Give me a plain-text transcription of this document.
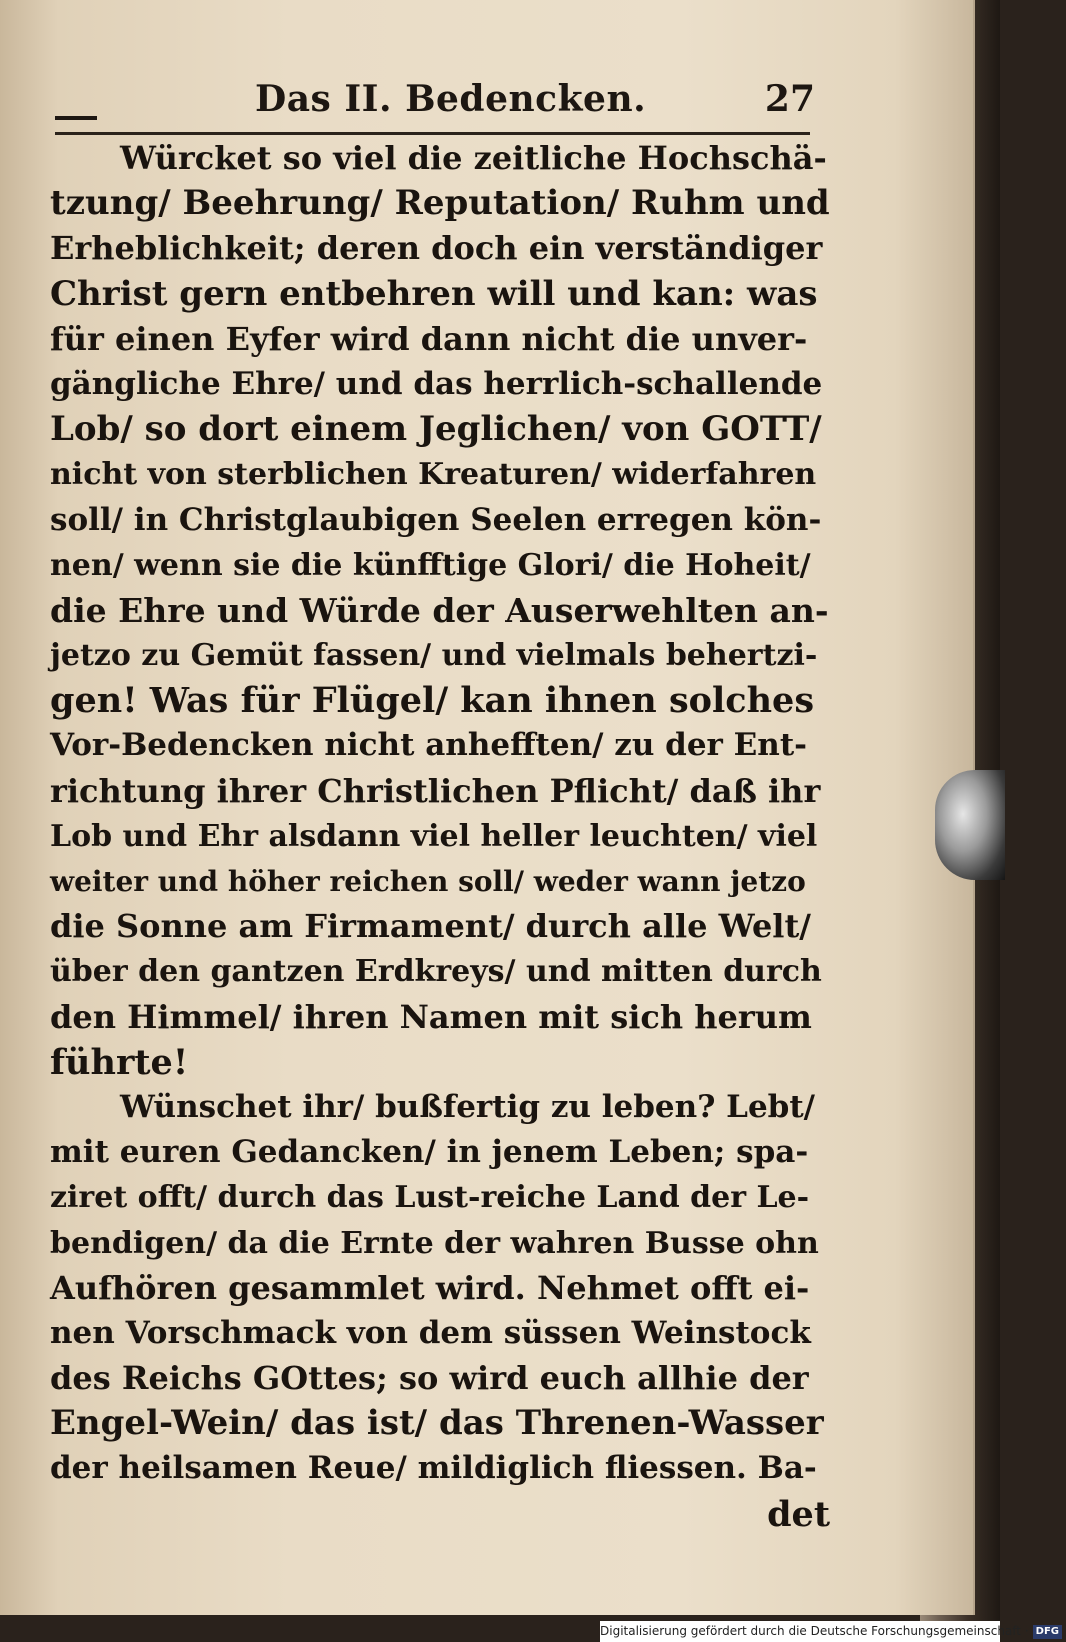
Das II. Bedencken.	27
Würcket so viel die zeitliche Hochschä-
tzung/ Beehrung/ Reputation/ Ruhm und
Erheblichkeit; deren doch ein verständiger
Christ gern entbehren will und kan: was
für einen Eyfer wird dann nicht die unver-
gängliche Ehre/ und das herrlich-schallende
Lob/ so dort einem Jeglichen/ von GOTT/
nicht von sterblichen Kreaturen/ widerfahren
soll/ in Christglaubigen Seelen erregen kön-
nen/ wenn sie die künfftige Glori/ die Hoheit/
die Ehre und Würde der Auserwehlten an-
jetzo zu Gemüt fassen/ und vielmals behertzi-
gen! Was für Flügel/ kan ihnen solches
Vor-Bedencken nicht anhefften/ zu der Ent-
richtung ihrer Christlichen Pflicht/ daß ihr
Lob und Ehr alsdann viel heller leuchten/ viel
weiter und höher reichen soll/ weder wann jetzo
die Sonne am Firmament/ durch alle Welt/
über den gantzen Erdkreys/ und mitten durch
den Himmel/ ihren Namen mit sich herum
führte!
Wünschet ihr/ bußfertig zu leben? Lebt/
mit euren Gedancken/ in jenem Leben; spa-
ziret offt/ durch das Lust-reiche Land der Le-
bendigen/ da die Ernte der wahren Busse ohn
Aufhören gesammlet wird. Nehmet offt ei-
nen Vorschmack von dem süssen Weinstock
des Reichs GOttes; so wird euch allhie der
Engel-Wein/ das ist/ das Threnen-Wasser
der heilsamen Reue/ mildiglich fliessen. Ba-
det
Digitalisierung gefördert durch die Deutsche Forschungsgemeinschaft · DFG
